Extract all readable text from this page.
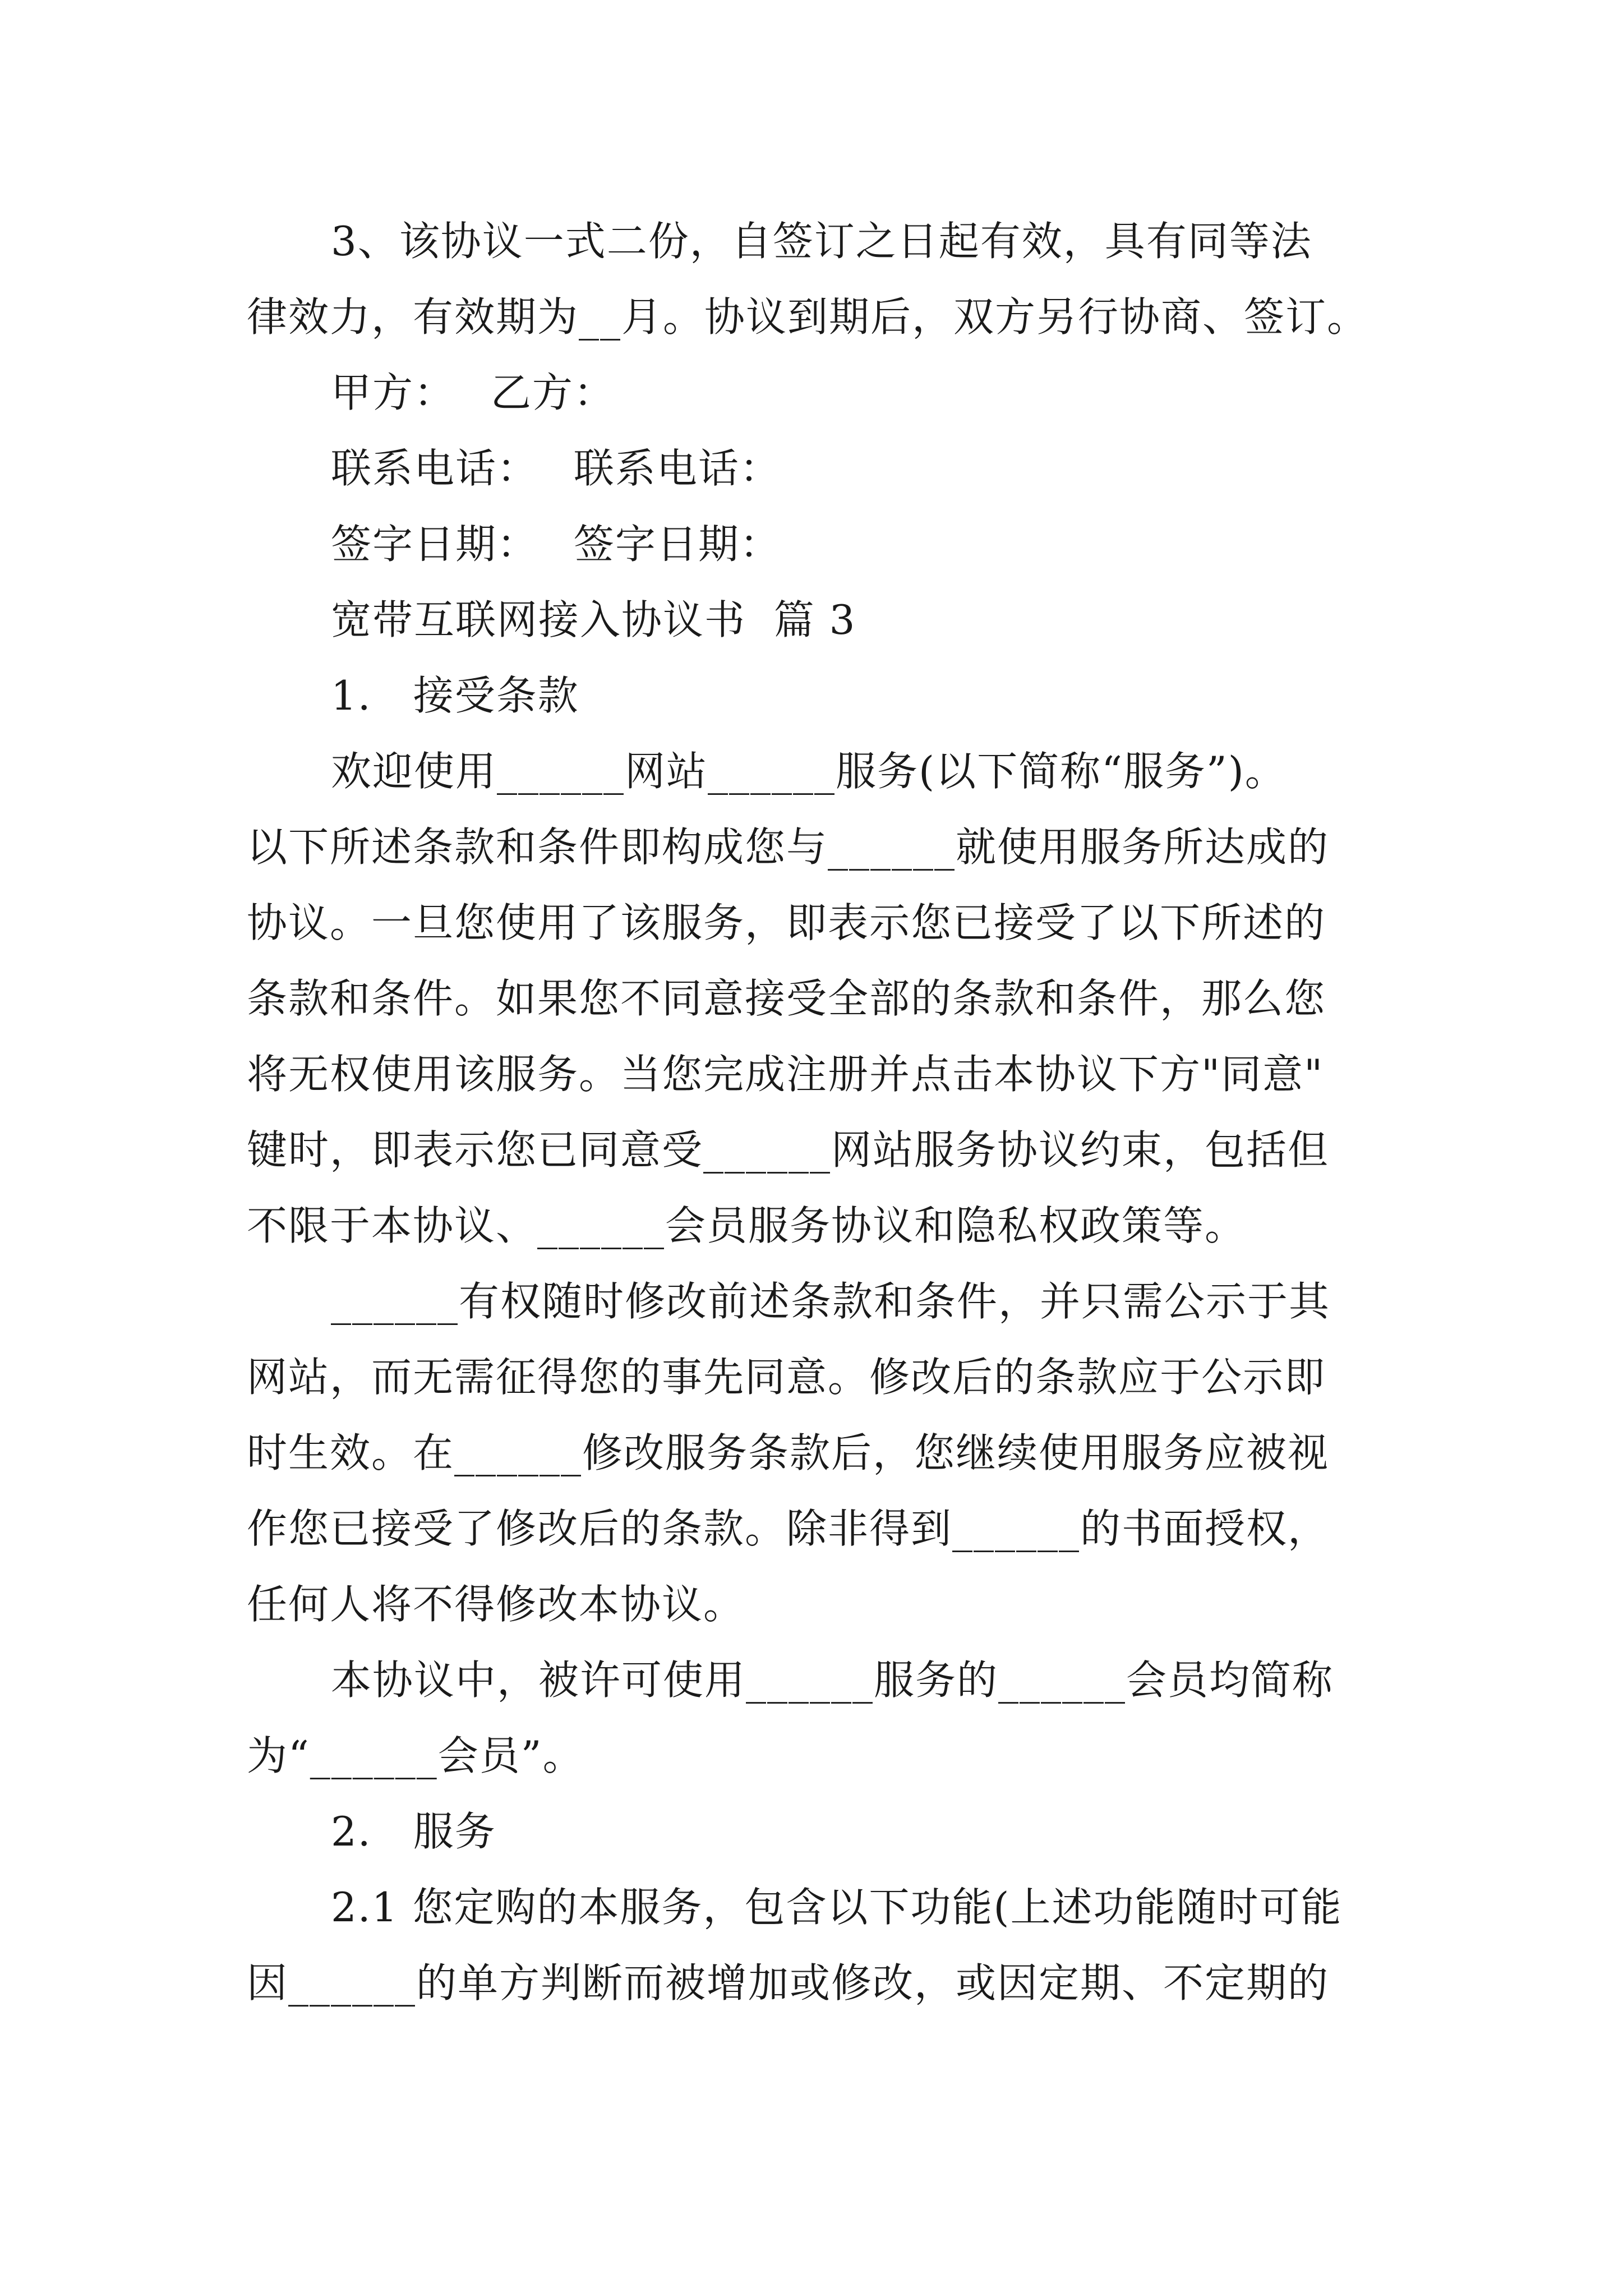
3、该协议一式二份，自签订之日起有效，具有同等法
律效力，有效期为__月。协议到期后，双方另行协商、签订。
甲方：　 乙方：
联系电话：　 联系电话：
签字日期：　 签字日期：
宽带互联网接入协议书  篇 3
1.　接受条款
欢迎使用______网站______服务(以下简称“服务”)。
以下所述条款和条件即构成您与______就使用服务所达成的
协议。一旦您使用了该服务，即表示您已接受了以下所述的
条款和条件。如果您不同意接受全部的条款和条件，那么您
将无权使用该服务。当您完成注册并点击本协议下方"同意"
键时，即表示您已同意受______网站服务协议约束，包括但
不限于本协议、______会员服务协议和隐私权政策等。
______有权随时修改前述条款和条件，并只需公示于其
网站，而无需征得您的事先同意。修改后的条款应于公示即
时生效。在______修改服务条款后，您继续使用服务应被视
作您已接受了修改后的条款。除非得到______的书面授权，
任何人将不得修改本协议。
本协议中，被许可使用______服务的______会员均简称
为“______会员”。
2.　服务
2.1 您定购的本服务，包含以下功能(上述功能随时可能
因______的单方判断而被增加或修改，或因定期、不定期的
